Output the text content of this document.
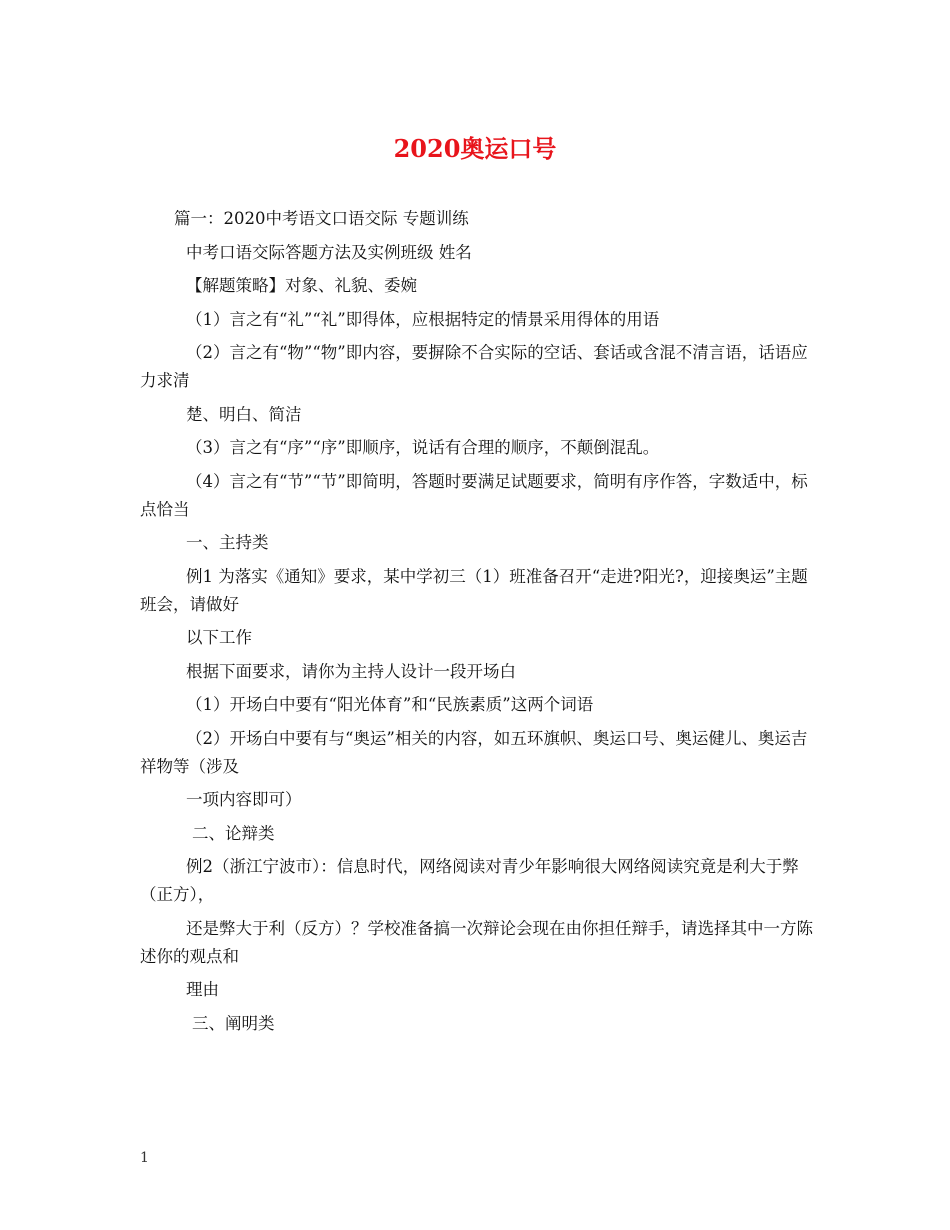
2020奥运口号
篇一：2020中考语文口语交际 专题训练
中考口语交际答题方法及实例班级 姓名
【解题策略】对象、礼貌、委婉
（1）言之有“礼”“礼”即得体，应根据特定的情景采用得体的用语
（2）言之有“物”“物”即内容，要摒除不合实际的空话、套话或含混不清言语，话语应力求清
楚、明白、简洁
（3）言之有“序”“序”即顺序，说话有合理的顺序，不颠倒混乱。
（4）言之有“节”“节”即简明，答题时要满足试题要求，简明有序作答，字数适中，标点恰当
一、主持类
例1 为落实《通知》要求，某中学初三（1）班准备召开“走进?阳光?，迎接奥运”主题班会，请做好
以下工作
根据下面要求，请你为主持人设计一段开场白
（1）开场白中要有“阳光体育”和“民族素质”这两个词语
（2）开场白中要有与“奥运”相关的内容，如五环旗帜、奥运口号、奥运健儿、奥运吉祥物等（涉及
一项内容即可）
二、论辩类
例2（浙江宁波市）：信息时代，网络阅读对青少年影响很大网络阅读究竟是利大于弊（正方），
还是弊大于利（反方）？学校准备搞一次辩论会现在由你担任辩手，请选择其中一方陈述你的观点和
理由
三、阐明类
1
